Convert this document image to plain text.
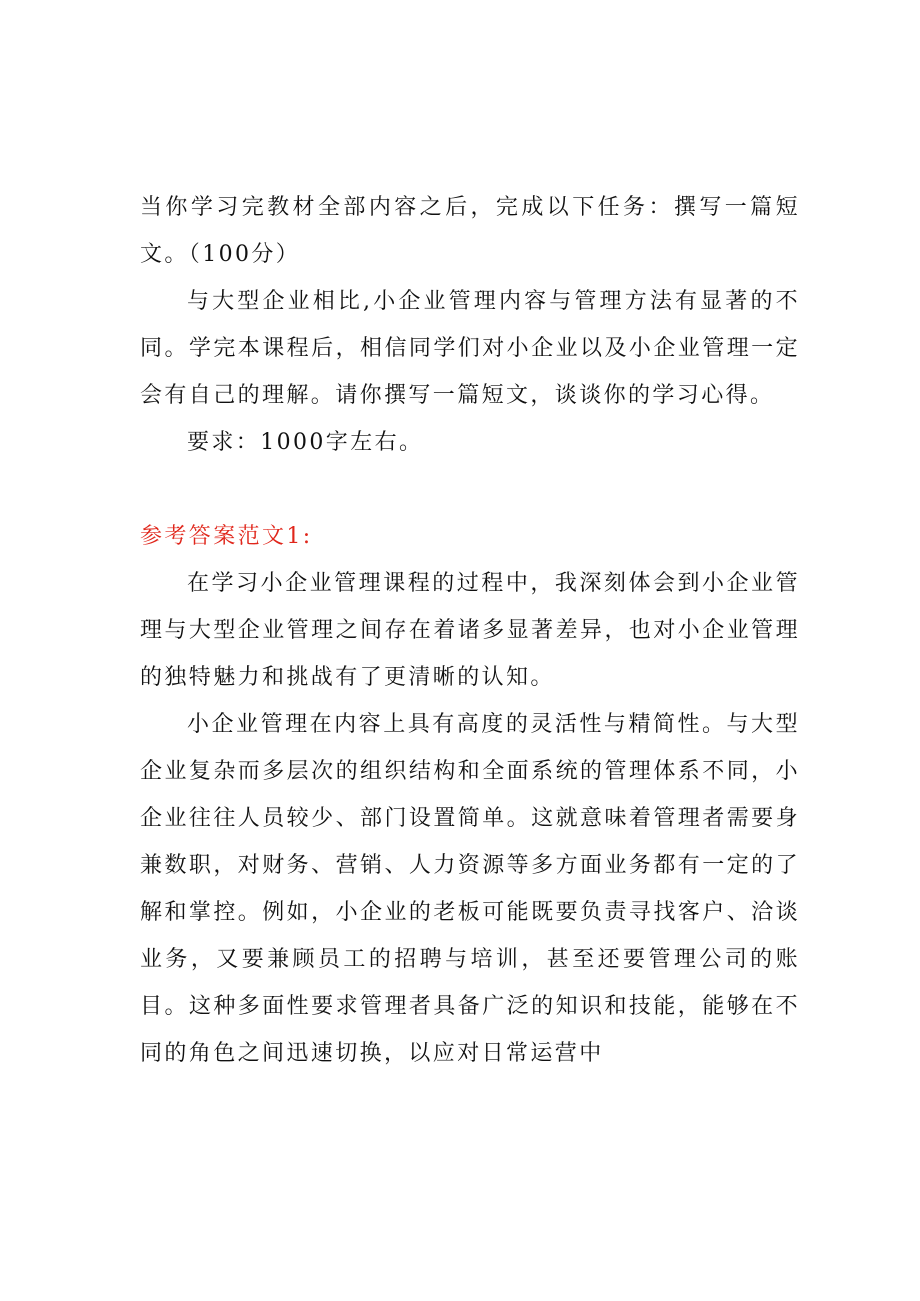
当你学习完教材全部内容之后，完成以下任务：撰写一篇短文。（100分）

与大型企业相比,小企业管理内容与管理方法有显著的不同。学完本课程后，相信同学们对小企业以及小企业管理一定会有自己的理解。请你撰写一篇短文，谈谈你的学习心得。

要求：1000字左右。

参考答案范文1:

在学习小企业管理课程的过程中，我深刻体会到小企业管理与大型企业管理之间存在着诸多显著差异，也对小企业管理的独特魅力和挑战有了更清晰的认知。

小企业管理在内容上具有高度的灵活性与精简性。与大型企业复杂而多层次的组织结构和全面系统的管理体系不同，小企业往往人员较少、部门设置简单。这就意味着管理者需要身兼数职，对财务、营销、人力资源等多方面业务都有一定的了解和掌控。例如，小企业的老板可能既要负责寻找客户、洽谈业务，又要兼顾员工的招聘与培训，甚至还要管理公司的账目。这种多面性要求管理者具备广泛的知识和技能，能够在不同的角色之间迅速切换，以应对日常运营中
